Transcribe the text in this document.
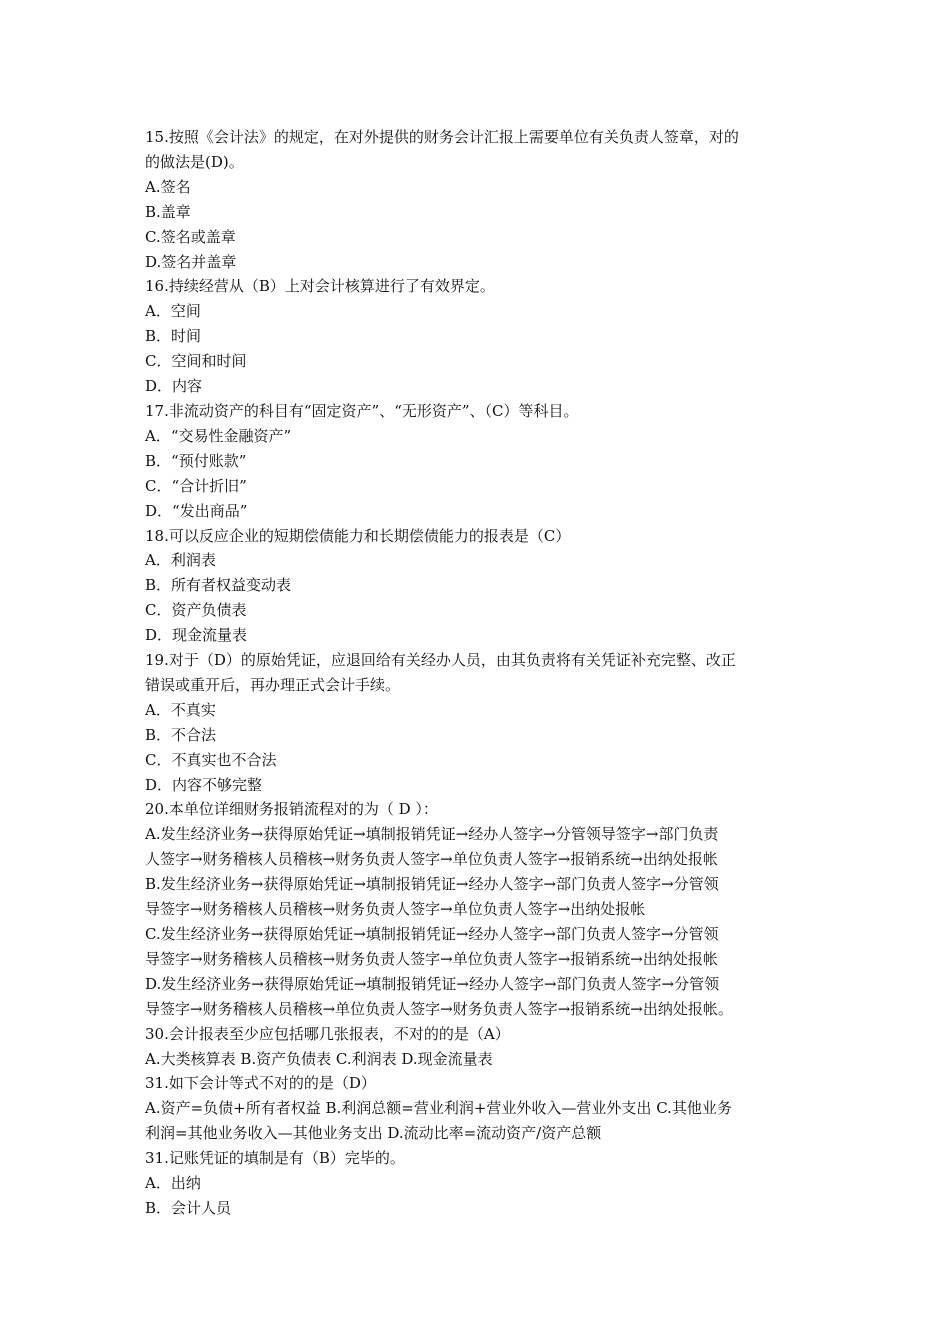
15.按照《会计法》的规定，在对外提供的财务会计汇报上需要单位有关负责人签章，对的

的做法是(D)。

A.签名

B.盖章

C.签名或盖章

D.签名并盖章

16.持续经营从（B）上对会计核算进行了有效界定。

A．空间

B．时间

C．空间和时间

D．内容

17.非流动资产的科目有“固定资产”、“无形资产”、（C）等科目。

A．“交易性金融资产”

B．“预付账款”

C．“合计折旧”

D．“发出商品”

18.可以反应企业的短期偿债能力和长期偿债能力的报表是（C）

A．利润表

B．所有者权益变动表

C．资产负债表

D．现金流量表

19.对于（D）的原始凭证，应退回给有关经办人员，由其负责将有关凭证补充完整、改正

错误或重开后，再办理正式会计手续。

A．不真实

B．不合法

C．不真实也不合法

D．内容不够完整

20.本单位详细财务报销流程对的为（ D ）：

A.发生经济业务→获得原始凭证→填制报销凭证→经办人签字→分管领导签字→部门负责

人签字→财务稽核人员稽核→财务负责人签字→单位负责人签字→报销系统→出纳处报帐

B.发生经济业务→获得原始凭证→填制报销凭证→经办人签字→部门负责人签字→分管领

导签字→财务稽核人员稽核→财务负责人签字→单位负责人签字→出纳处报帐

C.发生经济业务→获得原始凭证→填制报销凭证→经办人签字→部门负责人签字→分管领

导签字→财务稽核人员稽核→财务负责人签字→单位负责人签字→报销系统→出纳处报帐

D.发生经济业务→获得原始凭证→填制报销凭证→经办人签字→部门负责人签字→分管领

导签字→财务稽核人员稽核→单位负责人签字→财务负责人签字→报销系统→出纳处报帐。

30.会计报表至少应包括哪几张报表，不对的的是（A）

A.大类核算表 B.资产负债表 C.利润表 D.现金流量表

31.如下会计等式不对的的是（D）

A.资产=负债+所有者权益 B.利润总额=营业利润+营业外收入—营业外支出 C.其他业务

利润=其他业务收入—其他业务支出 D.流动比率=流动资产/资产总额

31.记账凭证的填制是有（B）完毕的。

A．出纳

B．会计人员
